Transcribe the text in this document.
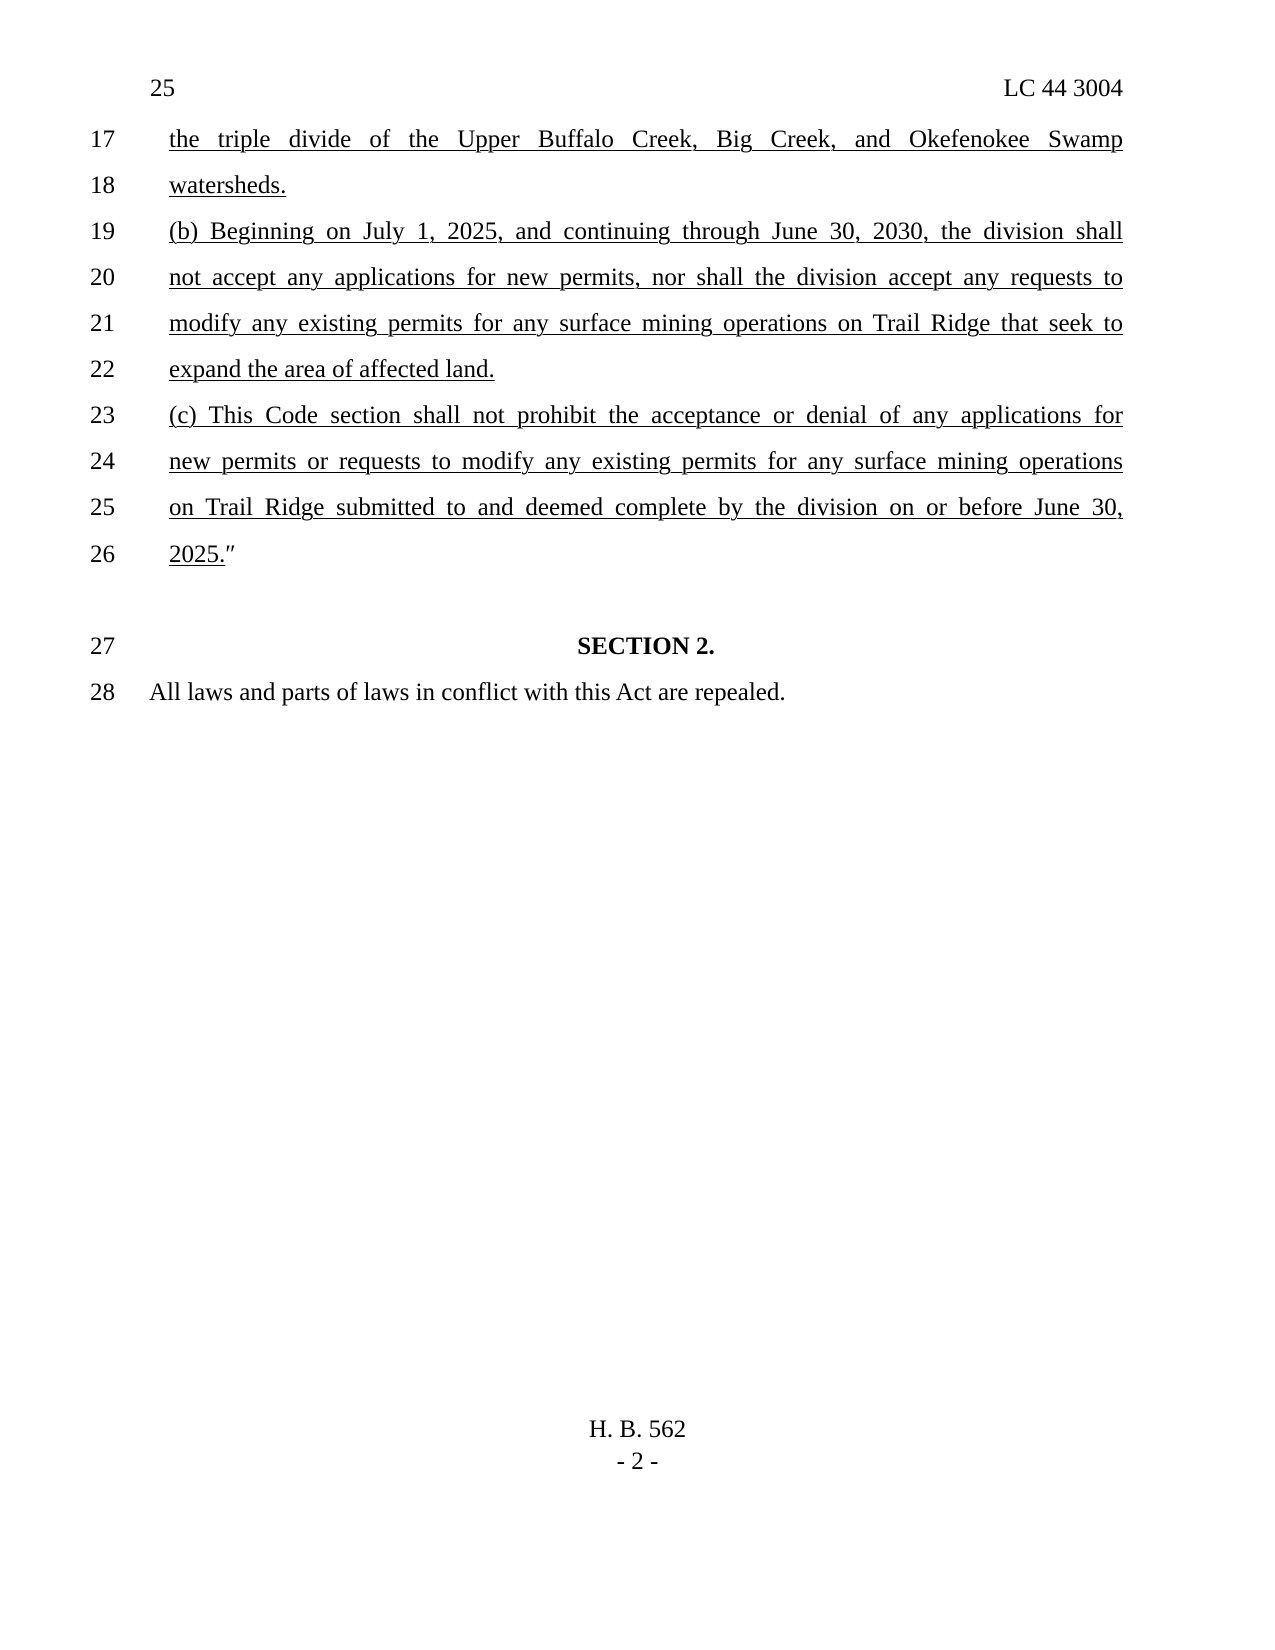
25	LC 44 3004
17	the triple divide of the Upper Buffalo Creek, Big Creek, and Okefenokee Swamp
18	watersheds.
19	(b) Beginning on July 1, 2025, and continuing through June 30, 2030, the division shall
20	not accept any applications for new permits, nor shall the division accept any requests to
21	modify any existing permits for any surface mining operations on Trail Ridge that seek to
22	expand the area of affected land.
23	(c) This Code section shall not prohibit the acceptance or denial of any applications for
24	new permits or requests to modify any existing permits for any surface mining operations
25	on Trail Ridge submitted to and deemed complete by the division on or before June 30,
26	2025.″
27	SECTION 2.
28	All laws and parts of laws in conflict with this Act are repealed.
H. B. 562
- 2 -
